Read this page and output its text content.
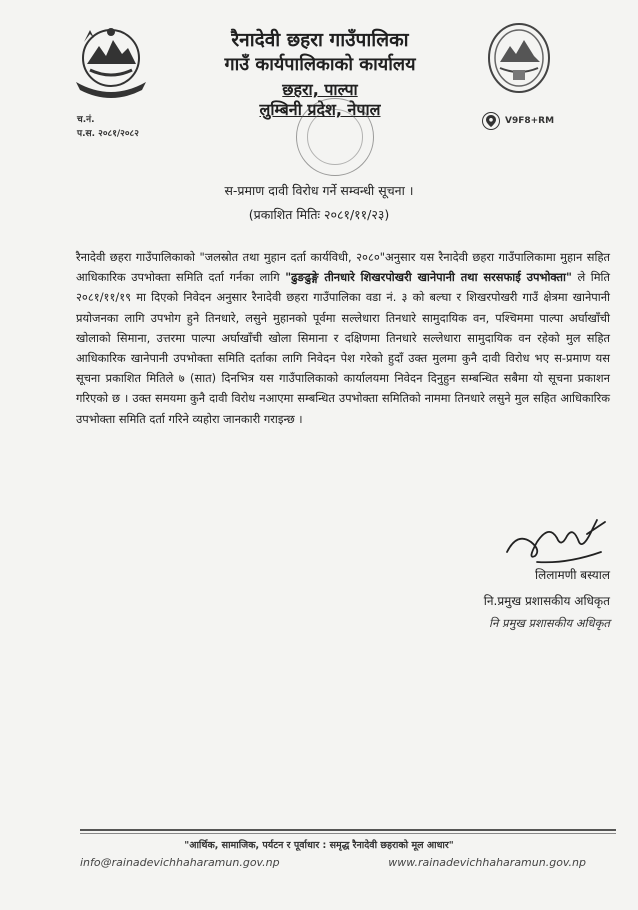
रैनादेवी छहरा गाउँपालिका
गाउँ कार्यपालिकाको कार्यालय
छहरा, पाल्पा
लुम्बिनी प्रदेश, नेपाल
च.नं.
प.स. २०८१/२०८२
V9F8+RM
स-प्रमाण दावी विरोध गर्ने सम्वन्धी सूचना ।
(प्रकाशित मितिः २०८१/११/२३)
रैनादेवी छहरा गाउँपालिकाको "जलस्रोत तथा मुहान दर्ता कार्यविधी, २०८०"अनुसार यस रैनादेवी छहरा गाउँपालिकामा मुहान सहित आधिकारिक उपभोक्ता समिति दर्ता गर्नका लागि "ढुङढुङ्गे तीनधारे शिखरपोखरी खानेपानी तथा सरसफाई उपभोक्ता" ले मिति २०८१/११/१९ मा दिएको निवेदन अनुसार रैनादेवी छहरा गाउँपालिका वडा नं. ३ को बल्घा र शिखरपोखरी गाउँ क्षेत्रमा खानेपानी प्रयोजनका लागि उपभोग हुने तिनधारे, लसुने मुहानको पूर्वमा सल्लेधारा तिनधारे सामुदायिक वन, पश्चिममा पाल्पा अर्घाखाँची खोलाको सिमाना, उत्तरमा पाल्पा अर्घाखाँची खोला सिमाना र दक्षिणमा तिनधारे सल्लेधारा सामुदायिक वन रहेको मुल सहित आधिकारिक खानेपानी उपभोक्ता समिति दर्ताका लागि निवेदन पेश गरेको हुदाँ उक्त मुलमा कुनै दावी विरोध भए स-प्रमाण यस सूचना प्रकाशित मितिले ७ (सात) दिनभित्र यस गाउँपालिकाको कार्यालयमा निवेदन दिनुहुन सम्बन्धित सबैमा यो सूचना प्रकाशन गरिएको छ । उक्त समयमा कुनै दावी विरोध नआएमा सम्बन्धित उपभोक्ता समितिको नाममा तिनधारे लसुने मुल सहित आधिकारिक उपभोक्ता समिति दर्ता गरिने व्यहोरा जानकारी गराइन्छ ।
लिलामणी बस्याल
नि.प्रमुख प्रशासकीय अधिकृत
नि प्रमुख प्रशासकीय अधिकृत
"आर्थिक, सामाजिक, पर्यटन र पूर्वाधार : समृद्ध रैनादेवी छहराको मूल आधार"
info@rainadevichhaharamun.gov.np	www.rainadevichhaharamun.gov.np
